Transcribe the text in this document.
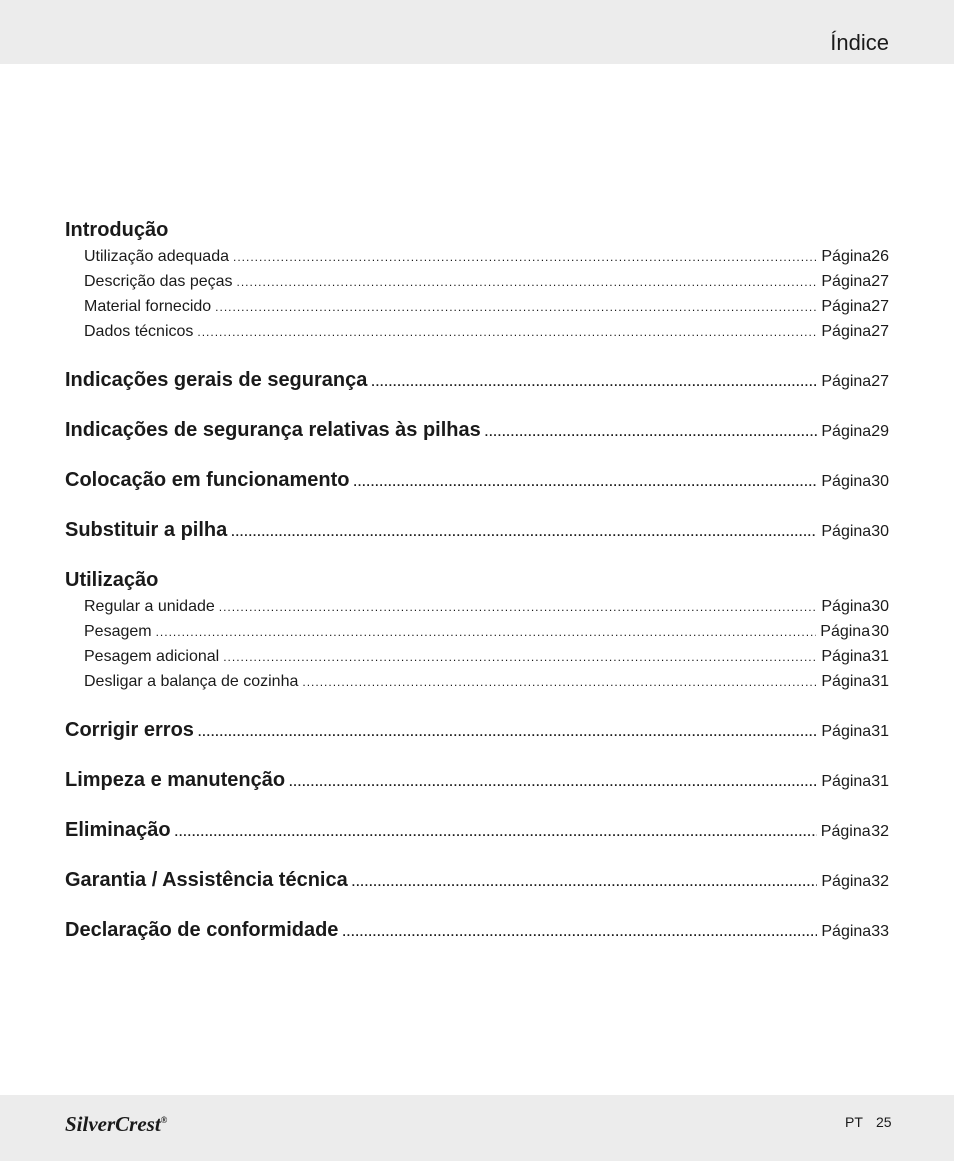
Índice
Introdução
Utilização adequada .....	Página 26
Descrição das peças .....	Página 27
Material fornecido .....	Página 27
Dados técnicos .....	Página 27
Indicações gerais de segurança .....	Página 27
Indicações de segurança relativas às pilhas .....	Página 29
Colocação em funcionamento .....	Página 30
Substituir a pilha .....	Página 30
Utilização
Regular a unidade .....	Página 30
Pesagem .....	Página 30
Pesagem adicional .....	Página 31
Desligar a balança de cozinha .....	Página 31
Corrigir erros .....	Página 31
Limpeza e manutenção .....	Página 31
Eliminação .....	Página 32
Garantia / Assistência técnica .....	Página 32
Declaração de conformidade .....	Página 33
SilverCrest®	PT 25
